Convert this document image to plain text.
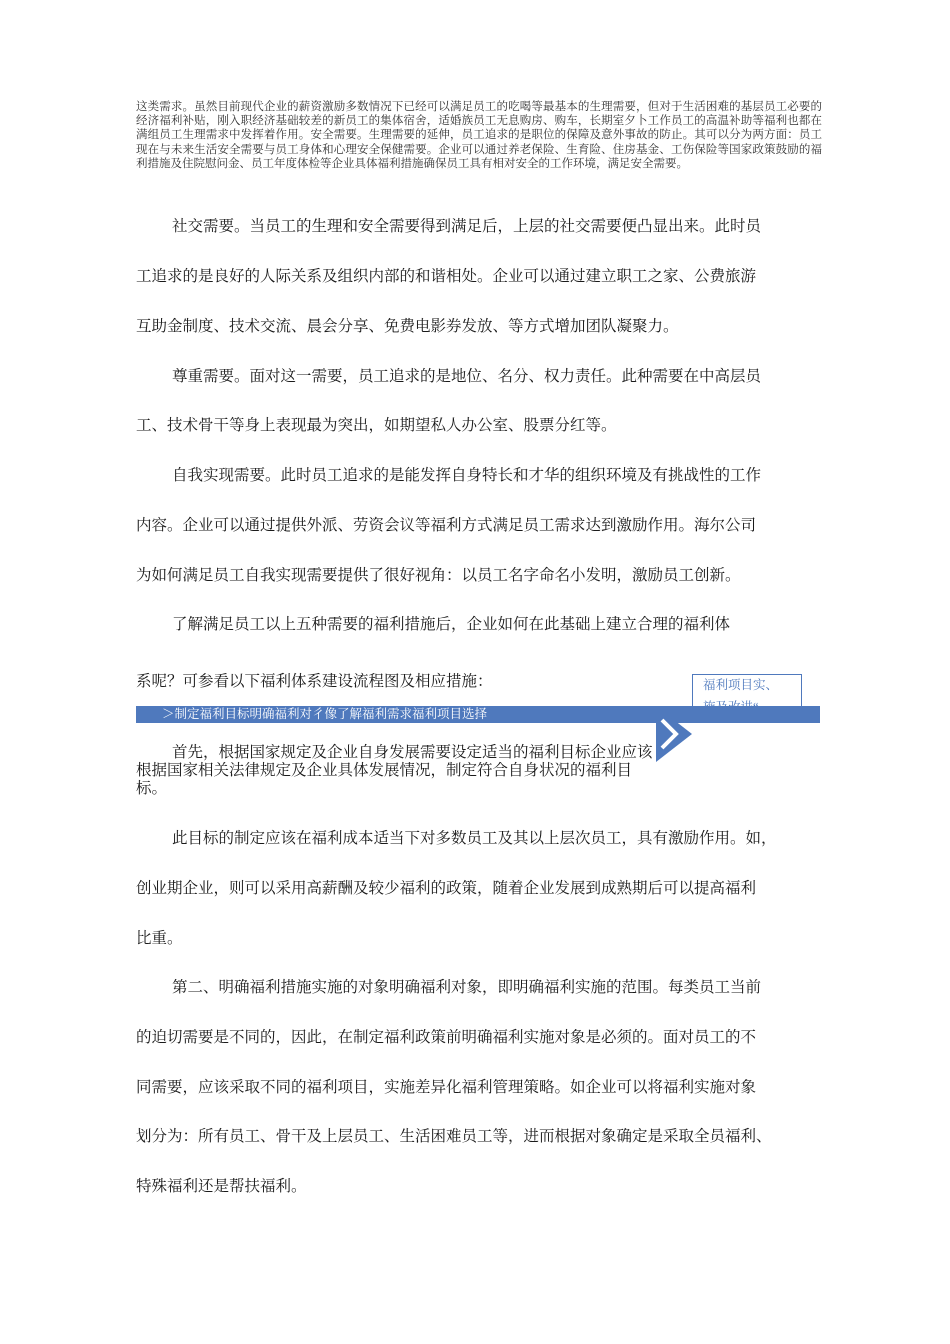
这类需求。虽然目前现代企业的薪资激励多数情况下已经可以满足员工的吃喝等最基本的生理需要，但对于生活困难的基层员工必要的经济福利补贴，刚入职经济基础较差的新员工的集体宿舍，适婚族员工无息购房、购车，长期室夕卜工作员工的高温补助等福利也都在满组员工生理需求中发挥着作用。安全需要。生理需要的延伸，员工追求的是职位的保障及意外事故的防止。其可以分为两方面：员工现在与未来生活安全需要与员工身体和心理安全保健需要。企业可以通过养老保险、生育险、住房基金、工伤保险等国家政策鼓励的福利措施及住院慰问金、员工年度体检等企业具体福利措施确保员工具有相对安全的工作环境，满足安全需要。
社交需要。当员工的生理和安全需要得到满足后，上层的社交需要便凸显出来。此时员
工追求的是良好的人际关系及组织内部的和谐相处。企业可以通过建立职工之家、公费旅游
互助金制度、技术交流、晨会分享、免费电影券发放、等方式增加团队凝聚力。
尊重需要。面对这一需要，员工追求的是地位、名分、权力责任。此种需要在中高层员
工、技术骨干等身上表现最为突出，如期望私人办公室、股票分红等。
自我实现需要。此时员工追求的是能发挥自身特长和才华的组织环境及有挑战性的工作
内容。企业可以通过提供外派、劳资会议等福利方式满足员工需求达到激励作用。海尔公司
为如何满足员工自我实现需要提供了很好视角：以员工名字命名小发明，激励员工创新。
了解满足员工以上五种需要的福利措施后，企业如何在此基础上建立合理的福利体
系呢？可参看以下福利体系建设流程图及相应措施：	福利项目实、
＞制定福利目标明确福利对彳像了解福利需求福利项目选择
首先，根据国家规定及企业自身发展需要设定适当的福利目标企业应该根据国家相关法律规定及企业具体发展情况，制定符合自身状况的福利目标。
此目标的制定应该在福利成本适当下对多数员工及其以上层次员工，具有激励作用。如，
创业期企业，则可以采用高薪酬及较少福利的政策，随着企业发展到成熟期后可以提高福利
比重。
第二、明确福利措施实施的对象明确福利对象，即明确福利实施的范围。每类员工当前
的迫切需要是不同的，因此，在制定福利政策前明确福利实施对象是必须的。面对员工的不
同需要，应该采取不同的福利项目，实施差异化福利管理策略。如企业可以将福利实施对象
划分为：所有员工、骨干及上层员工、生活困难员工等，进而根据对象确定是采取全员福利、
特殊福利还是帮扶福利。
